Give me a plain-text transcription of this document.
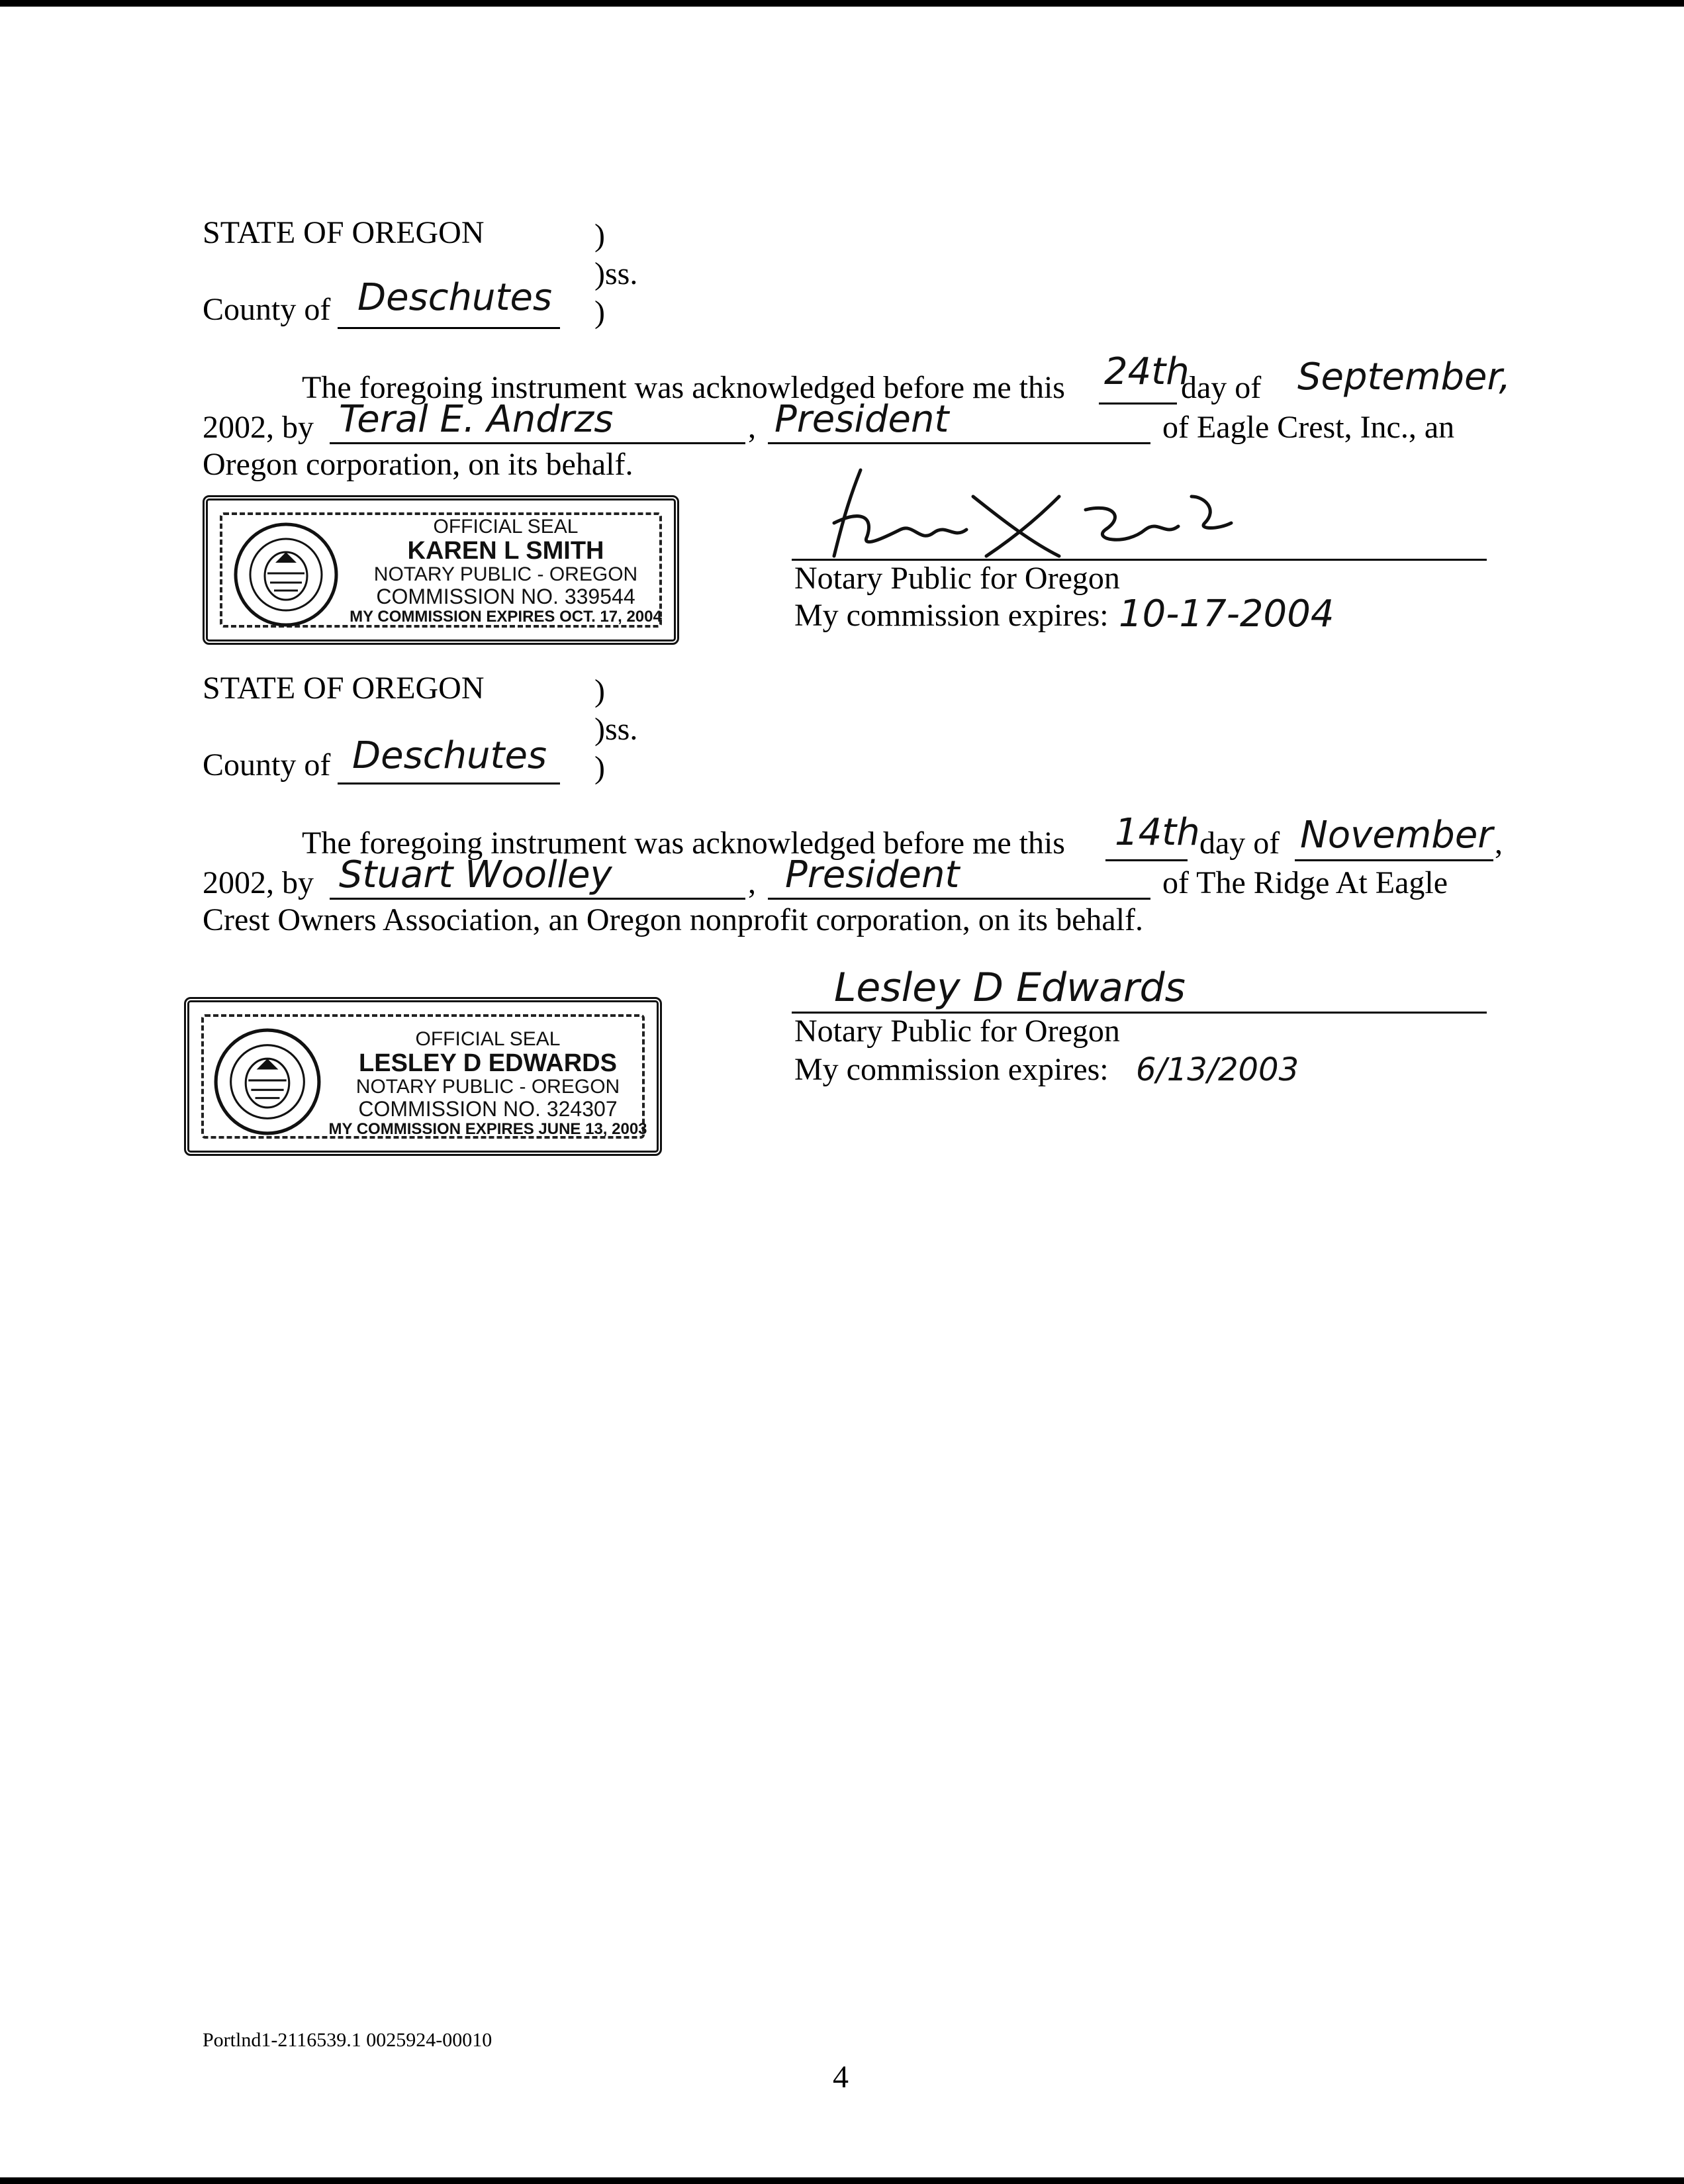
STATE OF OREGON	)
)ss.
County of Deschutes )
The foregoing instrument was acknowledged before me this 24th
day of September,
2002, by Teral E. Andrzs	, President	of Eagle Crest, Inc., an
Oregon corporation, on its behalf.
OFFICIAL SEAL
KAREN L SMITH
NOTARY PUBLIC - OREGON
COMMISSION NO. 339544
MY COMMISSION EXPIRES OCT. 17, 2004
Notary Public for Oregon
My commission expires: 10-17-2004
STATE OF OREGON	)
)ss.
County of Deschutes )
The foregoing instrument was acknowledged before me this 14th day of November ,
2002, by Stuart Woolley	, President	of The Ridge At Eagle
Crest Owners Association, an Oregon nonprofit corporation, on its behalf.
Lesley D Edwards
Notary Public for Oregon
My commission expires: 6/13/2003
OFFICIAL SEAL
LESLEY D EDWARDS
NOTARY PUBLIC - OREGON
COMMISSION NO. 324307
MY COMMISSION EXPIRES JUNE 13, 2003
Portlnd1-2116539.1 0025924-00010
4
